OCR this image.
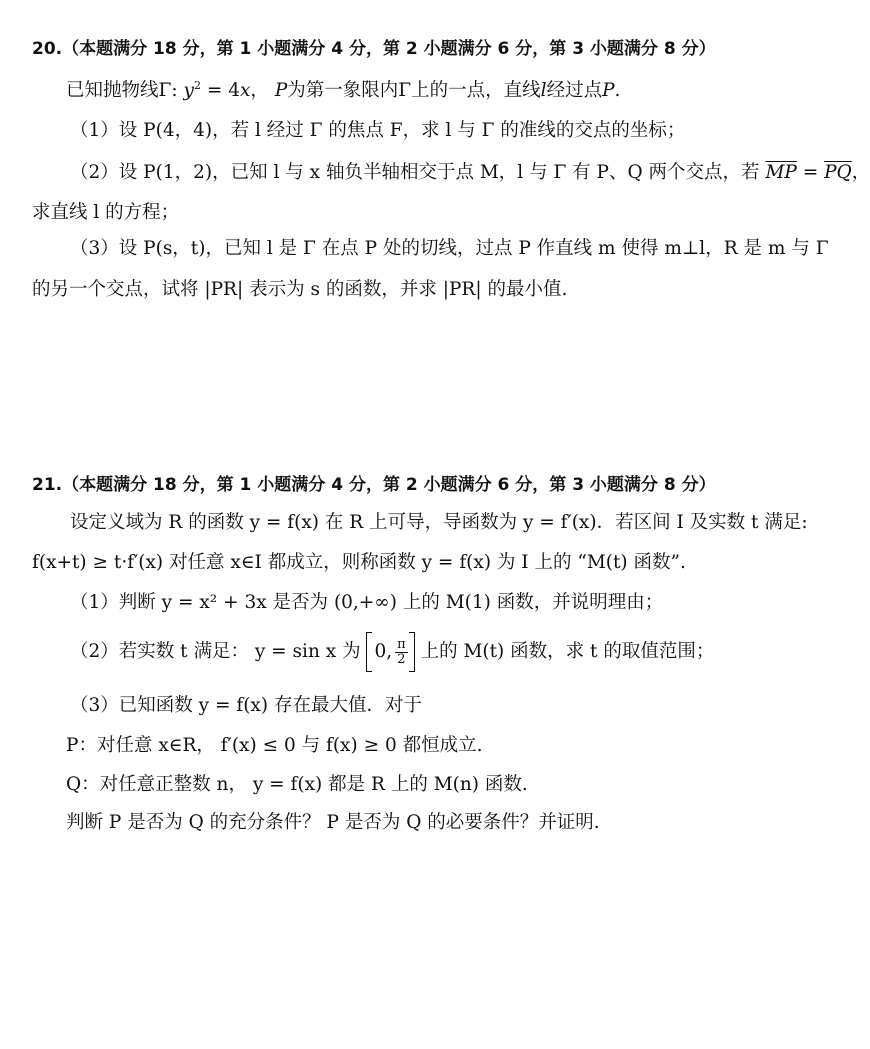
20.（本题满分 18 分，第 1 小题满分 4 分，第 2 小题满分 6 分，第 3 小题满分 8 分）
已知抛物线Γ: $y^2 = 4x$， P为第一象限内Γ上的一点，直线l经过点P.
（1）设 P(4，4)，若 l 经过 Γ 的焦点 F，求 l 与 Γ 的准线的交点的坐标；
（2）设 P(1，2)，已知 l 与 x 轴负半轴相交于点 M，l 与 Γ 有 P、Q 两个交点，若 $\overline{MP} = \overline{PQ}$，
求直线 l 的方程；
（3）设 P(s，t)，已知 l 是 Γ 在点 P 处的切线，过点 P 作直线 m 使得 m⊥l，R 是 m 与 Γ
的另一个交点，试将 |PR| 表示为 s 的函数，并求 |PR| 的最小值.
21.（本题满分 18 分，第 1 小题满分 4 分，第 2 小题满分 6 分，第 3 小题满分 8 分）
设定义域为 R 的函数 y = f(x) 在 R 上可导，导函数为 y = f′(x)．若区间 I 及实数 t 满足:
f(x+t) ≥ t·f′(x) 对任意 x∈I 都成立，则称函数 y = f(x) 为 I 上的 “M(t) 函数”.
（1）判断 y = x² + 3x 是否为 (0,+∞) 上的 M(1) 函数，并说明理由；
（2）若实数 t 满足： y = sin x 为 0, $\frac{\pi}{2}$ 上的 M(t) 函数，求 t 的取值范围；
（3）已知函数 y = f(x) 存在最大值．对于
P：对任意 x∈R， f′(x) ≤ 0 与 f(x) ≥ 0 都恒成立.
Q：对任意正整数 n， y = f(x) 都是 R 上的 M(n) 函数.
判断 P 是否为 Q 的充分条件？ P 是否为 Q 的必要条件？并证明.
